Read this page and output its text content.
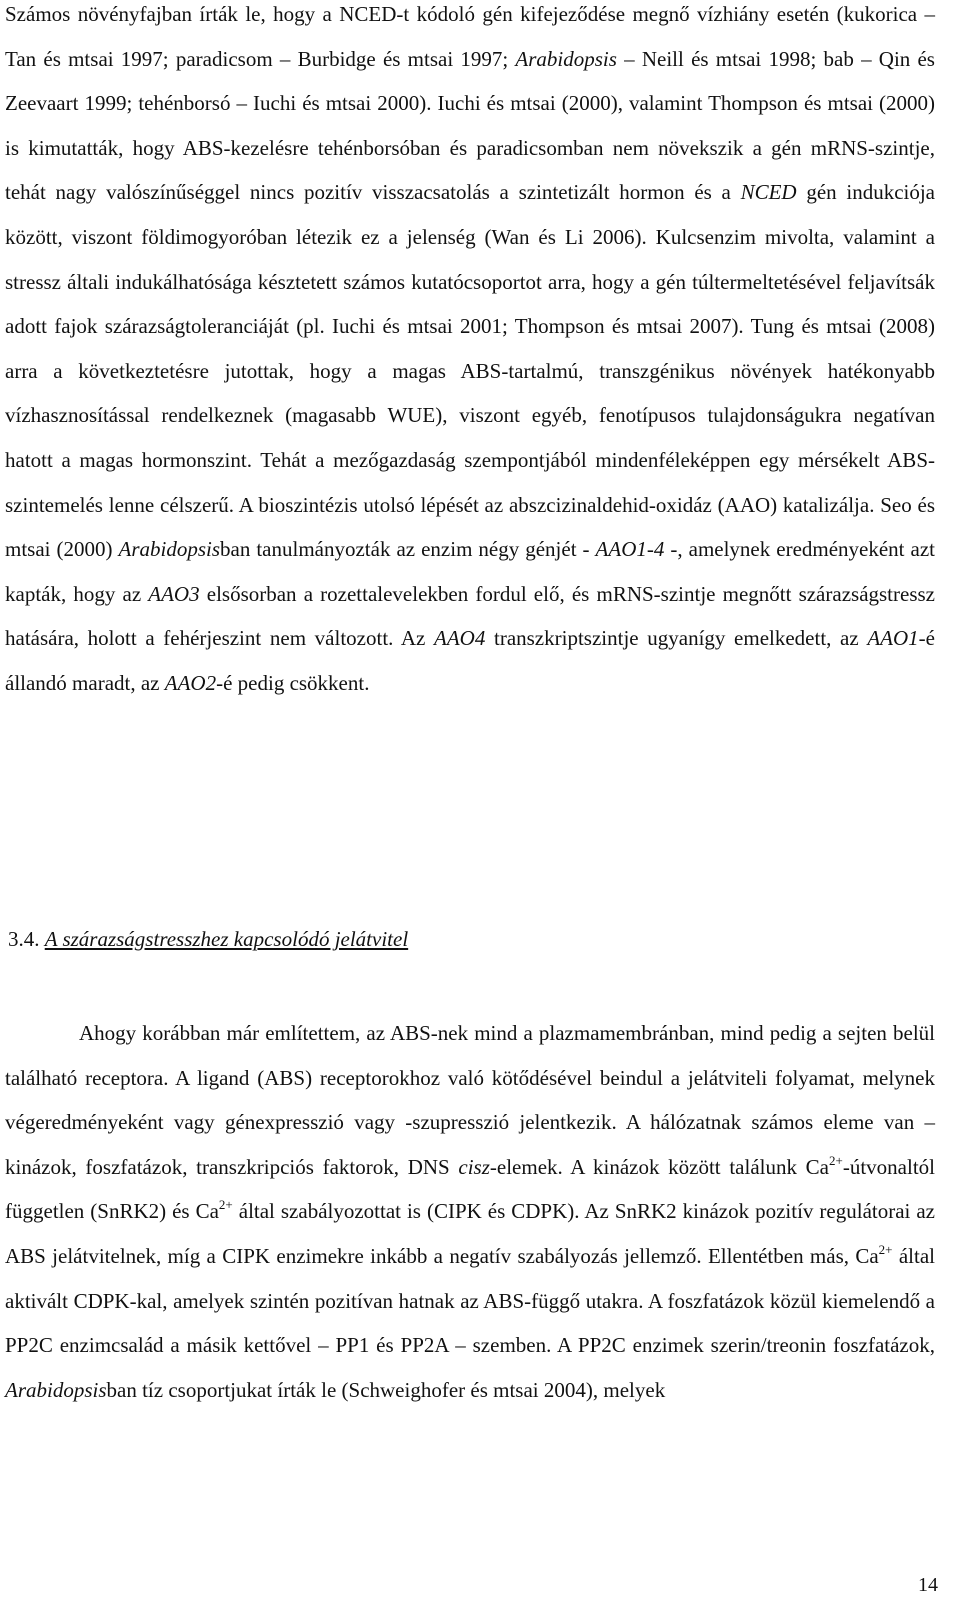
Számos növényfajban írták le, hogy a NCED-t kódoló gén kifejeződése megnő vízhiány esetén (kukorica – Tan és mtsai 1997; paradicsom – Burbidge és mtsai 1997; Arabidopsis – Neill és mtsai 1998; bab – Qin és Zeevaart 1999; tehénborsó – Iuchi és mtsai 2000). Iuchi és mtsai (2000), valamint Thompson és mtsai (2000) is kimutatták, hogy ABS-kezelésre tehénborsóban és paradicsomban nem növekszik a gén mRNS-szintje, tehát nagy valószínűséggel nincs pozitív visszacsatolás a szintetizált hormon és a NCED gén indukciója között, viszont földimogyoróban létezik ez a jelenség (Wan és Li 2006). Kulcsenzim mivolta, valamint a stressz általi indukálhatósága késztetett számos kutatócsoportot arra, hogy a gén túltermeltetésével feljavítsák adott fajok szárazságtoleranciáját (pl. Iuchi és mtsai 2001; Thompson és mtsai 2007). Tung és mtsai (2008) arra a következtetésre jutottak, hogy a magas ABS-tartalmú, transzgénikus növények hatékonyabb vízhasznosítással rendelkeznek (magasabb WUE), viszont egyéb, fenotípusos tulajdonságukra negatívan hatott a magas hormonszint. Tehát a mezőgazdaság szempontjából mindenféleképpen egy mérsékelt ABS-szintemelés lenne célszerű. A bioszintézis utolsó lépését az abszcizinaldehid-oxidáz (AAO) katalizálja. Seo és mtsai (2000) Arabidopsisban tanulmányozták az enzim négy génjét - AAO1-4 -, amelynek eredményeként azt kapták, hogy az AAO3 elsősorban a rozettalevelekben fordul elő, és mRNS-szintje megnőtt szárazságstressz hatására, holott a fehérjeszint nem változott. Az AAO4 transzkriptszintje ugyanígy emelkedett, az AAO1-é állandó maradt, az AAO2-é pedig csökkent.

3.4. A szárazságstresszhez kapcsolódó jelátvitel

Ahogy korábban már említettem, az ABS-nek mind a plazmamembránban, mind pedig a sejten belül található receptora. A ligand (ABS) receptorokhoz való kötődésével beindul a jelátviteli folyamat, melynek végeredményeként vagy génexpresszió vagy -szupresszió jelentkezik. A hálózatnak számos eleme van – kinázok, foszfatázok, transzkripciós faktorok, DNS cisz-elemek. A kinázok között találunk $Ca^{2+}$-útvonaltól független (SnRK2) és $Ca^{2+}$ által szabályozottat is (CIPK és CDPK). Az SnRK2 kinázok pozitív regulátorai az ABS jelátvitelnek, míg a CIPK enzimekre inkább a negatív szabályozás jellemző. Ellentétben más, $Ca^{2+}$ által aktivált CDPK-kal, amelyek szintén pozitívan hatnak az ABS-függő utakra. A foszfatázok közül kiemelendő a PP2C enzimcsalád a másik kettővel – PP1 és PP2A – szemben. A PP2C enzimek szerin/treonin foszfatázok, Arabidopsisban tíz csoportjukat írták le (Schweighofer és mtsai 2004), melyek

14
